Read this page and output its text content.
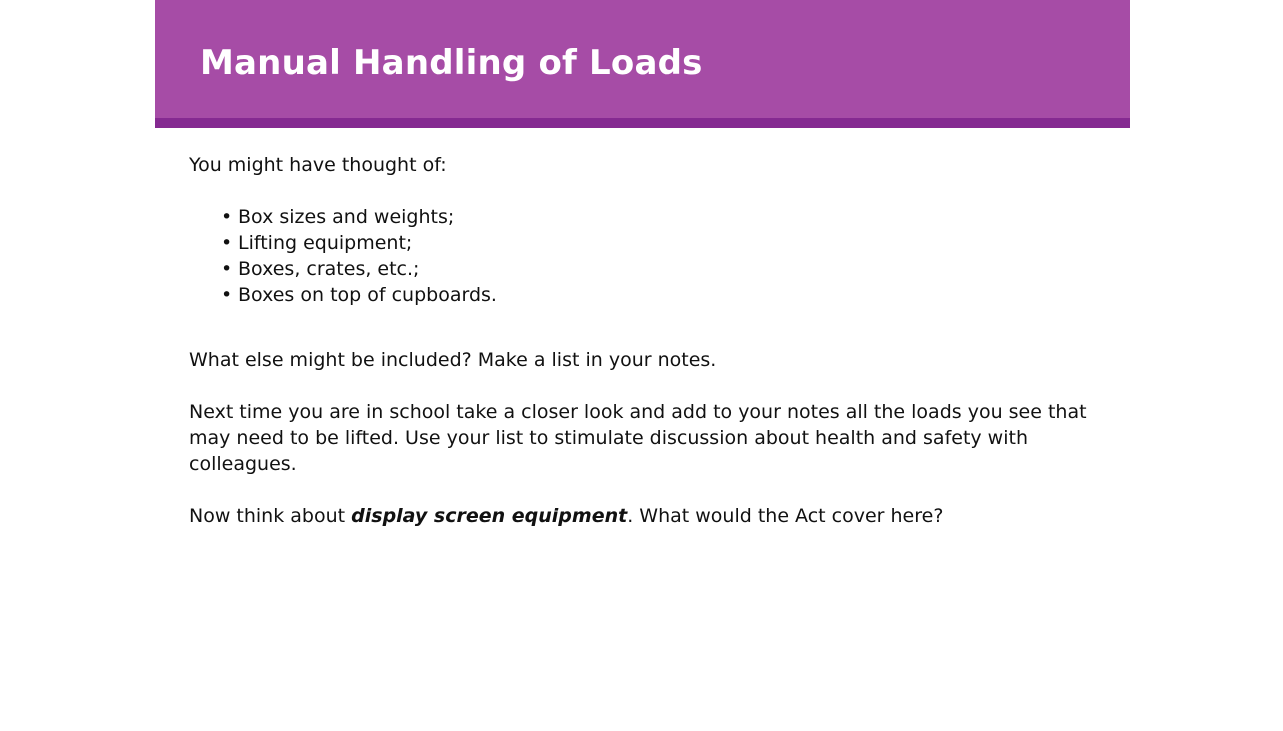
Manual Handling of Loads

You might have thought of:

• Box sizes and weights;
• Lifting equipment;
• Boxes, crates, etc.;
• Boxes on top of cupboards.

What else might be included? Make a list in your notes.

Next time you are in school take a closer look and add to your notes all the loads you see that may need to be lifted. Use your list to stimulate discussion about health and safety with colleagues.

Now think about display screen equipment. What would the Act cover here?
